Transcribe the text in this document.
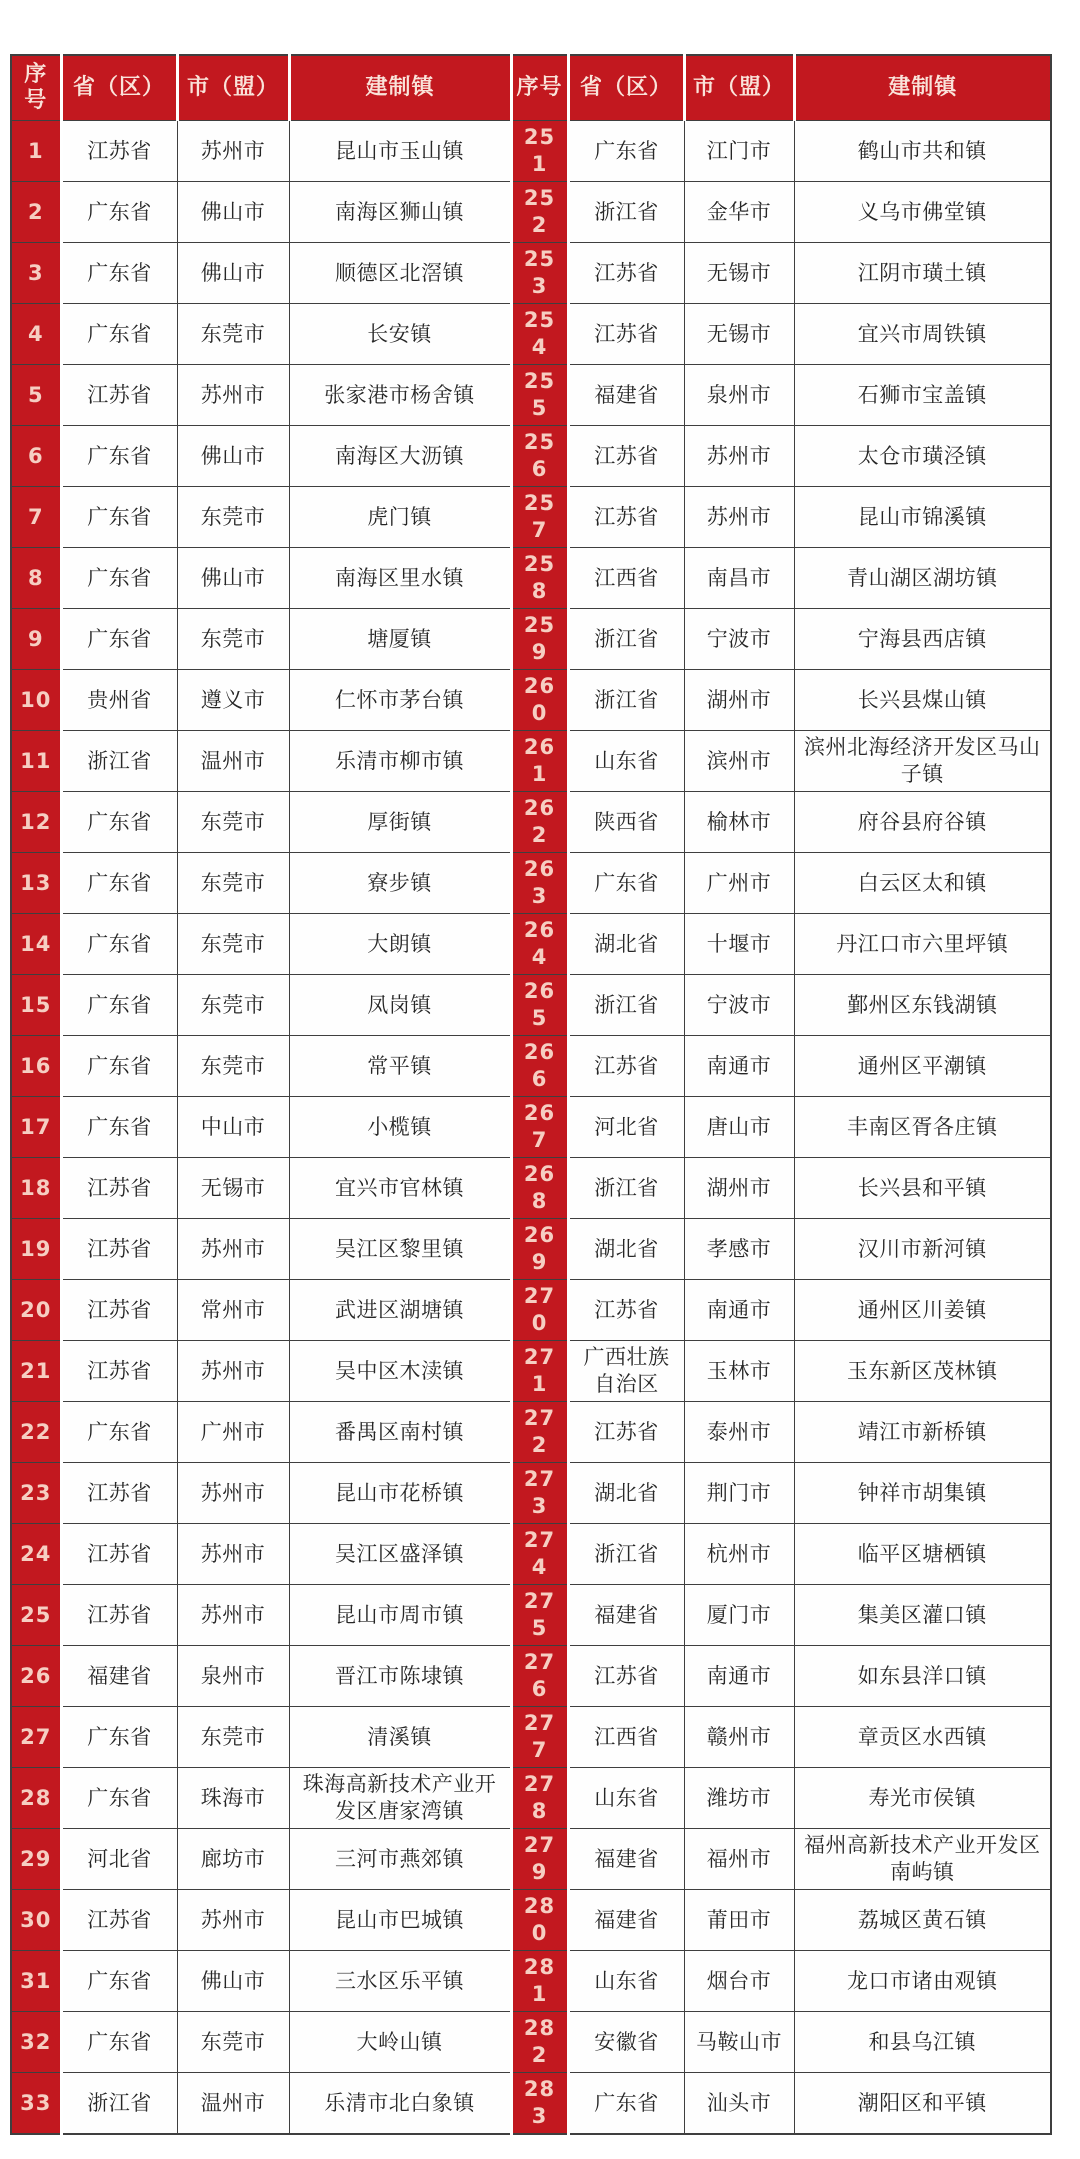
序号	省（区）	市（盟）	建制镇	序号	省（区）	市（盟）	建制镇
1	江苏省	苏州市	昆山市玉山镇	251	广东省	江门市	鹤山市共和镇
2	广东省	佛山市	南海区狮山镇	252	浙江省	金华市	义乌市佛堂镇
3	广东省	佛山市	顺德区北滘镇	253	江苏省	无锡市	江阴市璜土镇
4	广东省	东莞市	长安镇	254	江苏省	无锡市	宜兴市周铁镇
5	江苏省	苏州市	张家港市杨舍镇	255	福建省	泉州市	石狮市宝盖镇
6	广东省	佛山市	南海区大沥镇	256	江苏省	苏州市	太仓市璜泾镇
7	广东省	东莞市	虎门镇	257	江苏省	苏州市	昆山市锦溪镇
8	广东省	佛山市	南海区里水镇	258	江西省	南昌市	青山湖区湖坊镇
9	广东省	东莞市	塘厦镇	259	浙江省	宁波市	宁海县西店镇
10	贵州省	遵义市	仁怀市茅台镇	260	浙江省	湖州市	长兴县煤山镇
11	浙江省	温州市	乐清市柳市镇	261	山东省	滨州市	滨州北海经济开发区马山子镇
12	广东省	东莞市	厚街镇	262	陕西省	榆林市	府谷县府谷镇
13	广东省	东莞市	寮步镇	263	广东省	广州市	白云区太和镇
14	广东省	东莞市	大朗镇	264	湖北省	十堰市	丹江口市六里坪镇
15	广东省	东莞市	凤岗镇	265	浙江省	宁波市	鄞州区东钱湖镇
16	广东省	东莞市	常平镇	266	江苏省	南通市	通州区平潮镇
17	广东省	中山市	小榄镇	267	河北省	唐山市	丰南区胥各庄镇
18	江苏省	无锡市	宜兴市官林镇	268	浙江省	湖州市	长兴县和平镇
19	江苏省	苏州市	吴江区黎里镇	269	湖北省	孝感市	汉川市新河镇
20	江苏省	常州市	武进区湖塘镇	270	江苏省	南通市	通州区川姜镇
21	江苏省	苏州市	吴中区木渎镇	271	广西壮族自治区	玉林市	玉东新区茂林镇
22	广东省	广州市	番禺区南村镇	272	江苏省	泰州市	靖江市新桥镇
23	江苏省	苏州市	昆山市花桥镇	273	湖北省	荆门市	钟祥市胡集镇
24	江苏省	苏州市	吴江区盛泽镇	274	浙江省	杭州市	临平区塘栖镇
25	江苏省	苏州市	昆山市周市镇	275	福建省	厦门市	集美区灌口镇
26	福建省	泉州市	晋江市陈埭镇	276	江苏省	南通市	如东县洋口镇
27	广东省	东莞市	清溪镇	277	江西省	赣州市	章贡区水西镇
28	广东省	珠海市	珠海高新技术产业开发区唐家湾镇	278	山东省	潍坊市	寿光市侯镇
29	河北省	廊坊市	三河市燕郊镇	279	福建省	福州市	福州高新技术产业开发区南屿镇
30	江苏省	苏州市	昆山市巴城镇	280	福建省	莆田市	荔城区黄石镇
31	广东省	佛山市	三水区乐平镇	281	山东省	烟台市	龙口市诸由观镇
32	广东省	东莞市	大岭山镇	282	安徽省	马鞍山市	和县乌江镇
33	浙江省	温州市	乐清市北白象镇	283	广东省	汕头市	潮阳区和平镇
